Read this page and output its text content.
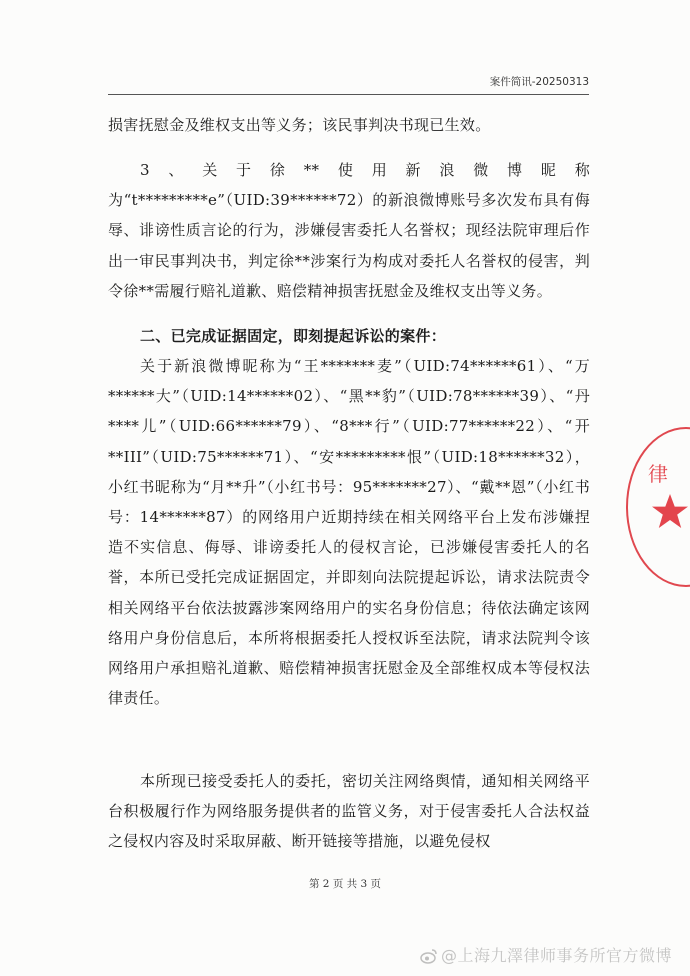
案件简讯-20250313
损害抚慰金及维权支出等义务；该民事判决书现已生效。
3、关于徐**使用新浪微博昵称为“t*********e”（UID:39******72）的新浪微博账号多次发布具有侮辱、诽谤性质言论的行为，涉嫌侵害委托人名誉权；现经法院审理后作出一审民事判决书，判定徐**涉案行为构成对委托人名誉权的侵害，判令徐**需履行赔礼道歉、赔偿精神损害抚慰金及维权支出等义务。
二、已完成证据固定，即刻提起诉讼的案件：
关于新浪微博昵称为“王*******麦”（UID:74******61）、“万******大”（UID:14******02）、“黑**豹”（UID:78******39）、“丹****儿”（UID:66******79）、“8***行”（UID:77******22）、“开**III”（UID:75******71）、“安*********恨”（UID:18******32），小红书昵称为“月**升”（小红书号：95*******27）、“戴**恩”（小红书号：14******87）的网络用户近期持续在相关网络平台上发布涉嫌捏造不实信息、侮辱、诽谤委托人的侵权言论，已涉嫌侵害委托人的名誉，本所已受托完成证据固定，并即刻向法院提起诉讼，请求法院责令相关网络平台依法披露涉案网络用户的实名身份信息；待依法确定该网络用户身份信息后，本所将根据委托人授权诉至法院，请求法院判令该网络用户承担赔礼道歉、赔偿精神损害抚慰金及全部维权成本等侵权法律责任。
本所现已接受委托人的委托，密切关注网络舆情，通知相关网络平台积极履行作为网络服务提供者的监管义务，对于侵害委托人合法权益之侵权内容及时采取屏蔽、断开链接等措施，以避免侵权
第 2 页 共 3 页
律
@上海九澤律师事务所官方微博
